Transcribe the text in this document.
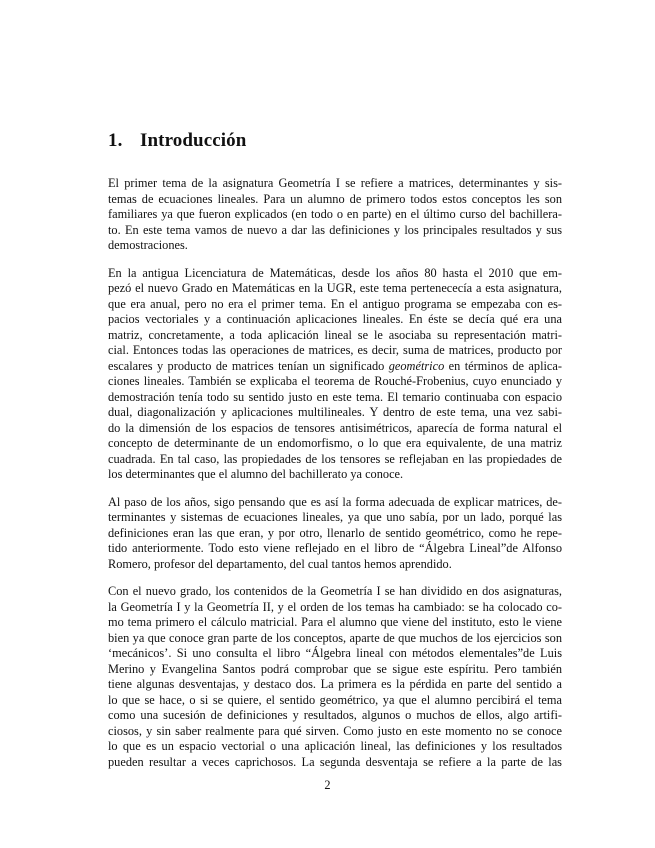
1. Introducción

El primer tema de la asignatura Geometría I se refiere a matrices, determinantes y sis-
temas de ecuaciones lineales. Para un alumno de primero todos estos conceptos les son
familiares ya que fueron explicados (en todo o en parte) en el último curso del bachillera-
to. En este tema vamos de nuevo a dar las definiciones y los principales resultados y sus
demostraciones.

En la antigua Licenciatura de Matemáticas, desde los años 80 hasta el 2010 que em-
pezó el nuevo Grado en Matemáticas en la UGR, este tema pertenececía a esta asignatura,
que era anual, pero no era el primer tema. En el antiguo programa se empezaba con es-
pacios vectoriales y a continuación aplicaciones lineales. En éste se decía qué era una
matriz, concretamente, a toda aplicación lineal se le asociaba su representación matri-
cial. Entonces todas las operaciones de matrices, es decir, suma de matrices, producto por
escalares y producto de matrices tenían un significado geométrico en términos de aplica-
ciones lineales. También se explicaba el teorema de Rouché-Frobenius, cuyo enunciado y
demostración tenía todo su sentido justo en este tema. El temario continuaba con espacio
dual, diagonalización y aplicaciones multilineales. Y dentro de este tema, una vez sabi-
do la dimensión de los espacios de tensores antisimétricos, aparecía de forma natural el
concepto de determinante de un endomorfismo, o lo que era equivalente, de una matriz
cuadrada. En tal caso, las propiedades de los tensores se reflejaban en las propiedades de
los determinantes que el alumno del bachillerato ya conoce.

Al paso de los años, sigo pensando que es así la forma adecuada de explicar matrices, de-
terminantes y sistemas de ecuaciones lineales, ya que uno sabía, por un lado, porqué las
definiciones eran las que eran, y por otro, llenarlo de sentido geométrico, como he repe-
tido anteriormente. Todo esto viene reflejado en el libro de “Álgebra Lineal”de Alfonso
Romero, profesor del departamento, del cual tantos hemos aprendido.

Con el nuevo grado, los contenidos de la Geometría I se han dividido en dos asignaturas,
la Geometría I y la Geometría II, y el orden de los temas ha cambiado: se ha colocado co-
mo tema primero el cálculo matricial. Para el alumno que viene del instituto, esto le viene
bien ya que conoce gran parte de los conceptos, aparte de que muchos de los ejercicios son
‘mecánicos’. Si uno consulta el libro “Álgebra lineal con métodos elementales”de Luis
Merino y Evangelina Santos podrá comprobar que se sigue este espíritu. Pero también
tiene algunas desventajas, y destaco dos. La primera es la pérdida en parte del sentido a
lo que se hace, o si se quiere, el sentido geométrico, ya que el alumno percibirá el tema
como una sucesión de definiciones y resultados, algunos o muchos de ellos, algo artifi-
ciosos, y sin saber realmente para qué sirven. Como justo en este momento no se conoce
lo que es un espacio vectorial o una aplicación lineal, las definiciones y los resultados
pueden resultar a veces caprichosos. La segunda desventaja se refiere a la parte de las

2
